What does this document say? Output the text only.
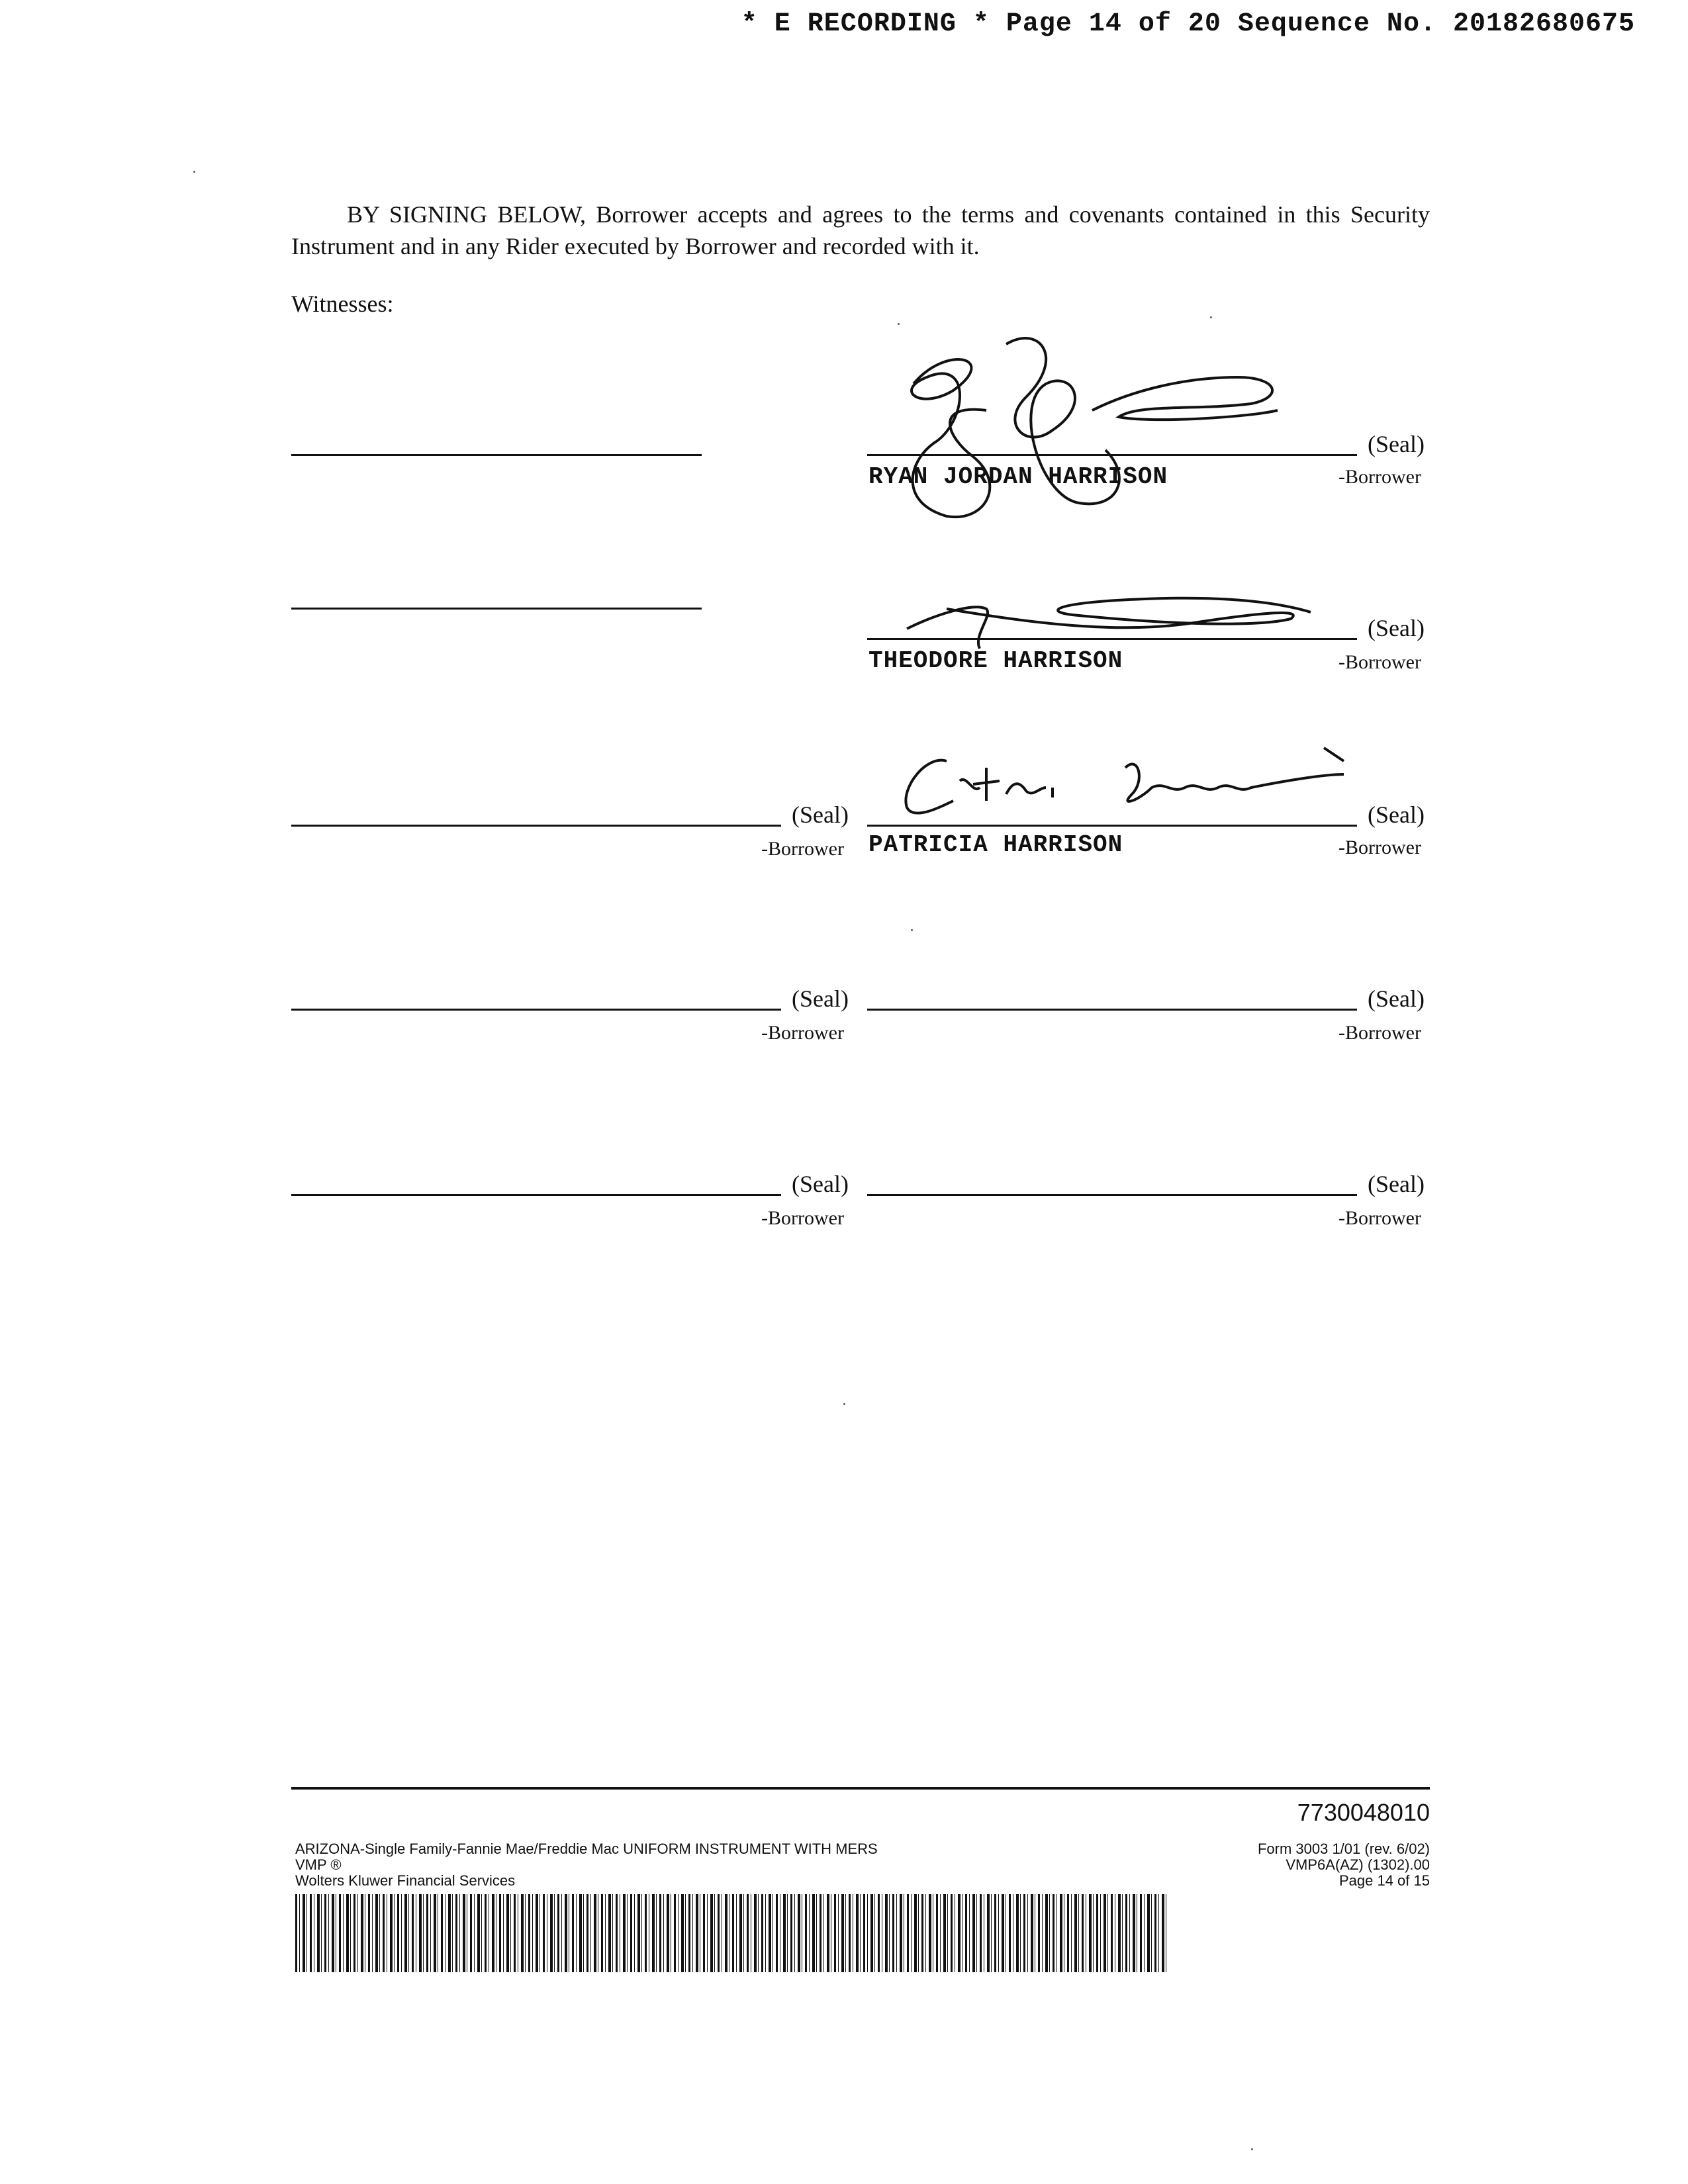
* E RECORDING * Page 14 of 20 Sequence No. 20182680675
BY SIGNING BELOW, Borrower accepts and agrees to the terms and covenants contained in this Security Instrument and in any Rider executed by Borrower and recorded with it.
Witnesses:
(Seal)
RYAN JORDAN HARRISON	-Borrower
(Seal)
THEODORE HARRISON	-Borrower
(Seal)
-Borrower
(Seal)
PATRICIA HARRISON	-Borrower
(Seal)
-Borrower
(Seal)
-Borrower
(Seal)
-Borrower
(Seal)
-Borrower
7730048010
ARIZONA-Single Family-Fannie Mae/Freddie Mac UNIFORM INSTRUMENT WITH MERS
VMP ®
Wolters Kluwer Financial Services
Form 3003 1/01 (rev. 6/02)
VMP6A(AZ) (1302).00
Page 14 of 15
